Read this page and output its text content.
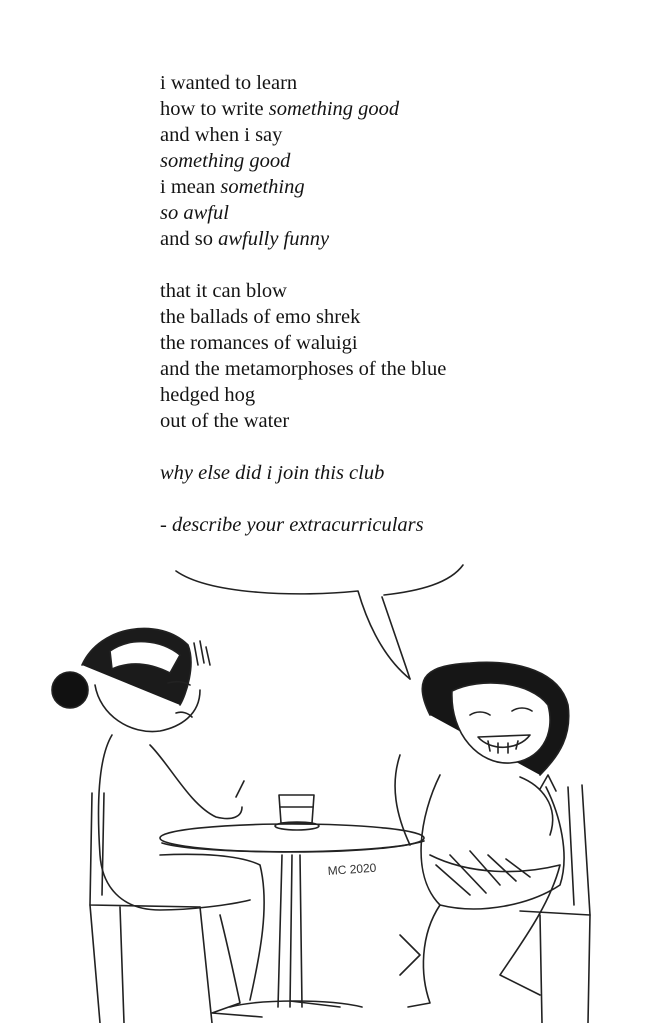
i wanted to learn
how to write something good
and when i say
something good
i mean something
so awful
and so awfully funny
that it can blow
the ballads of emo shrek
the romances of waluigi
and the metamorphoses of the blue
hedged hog
out of the water
why else did i join this club
- describe your extracurriculars
MC 2020
